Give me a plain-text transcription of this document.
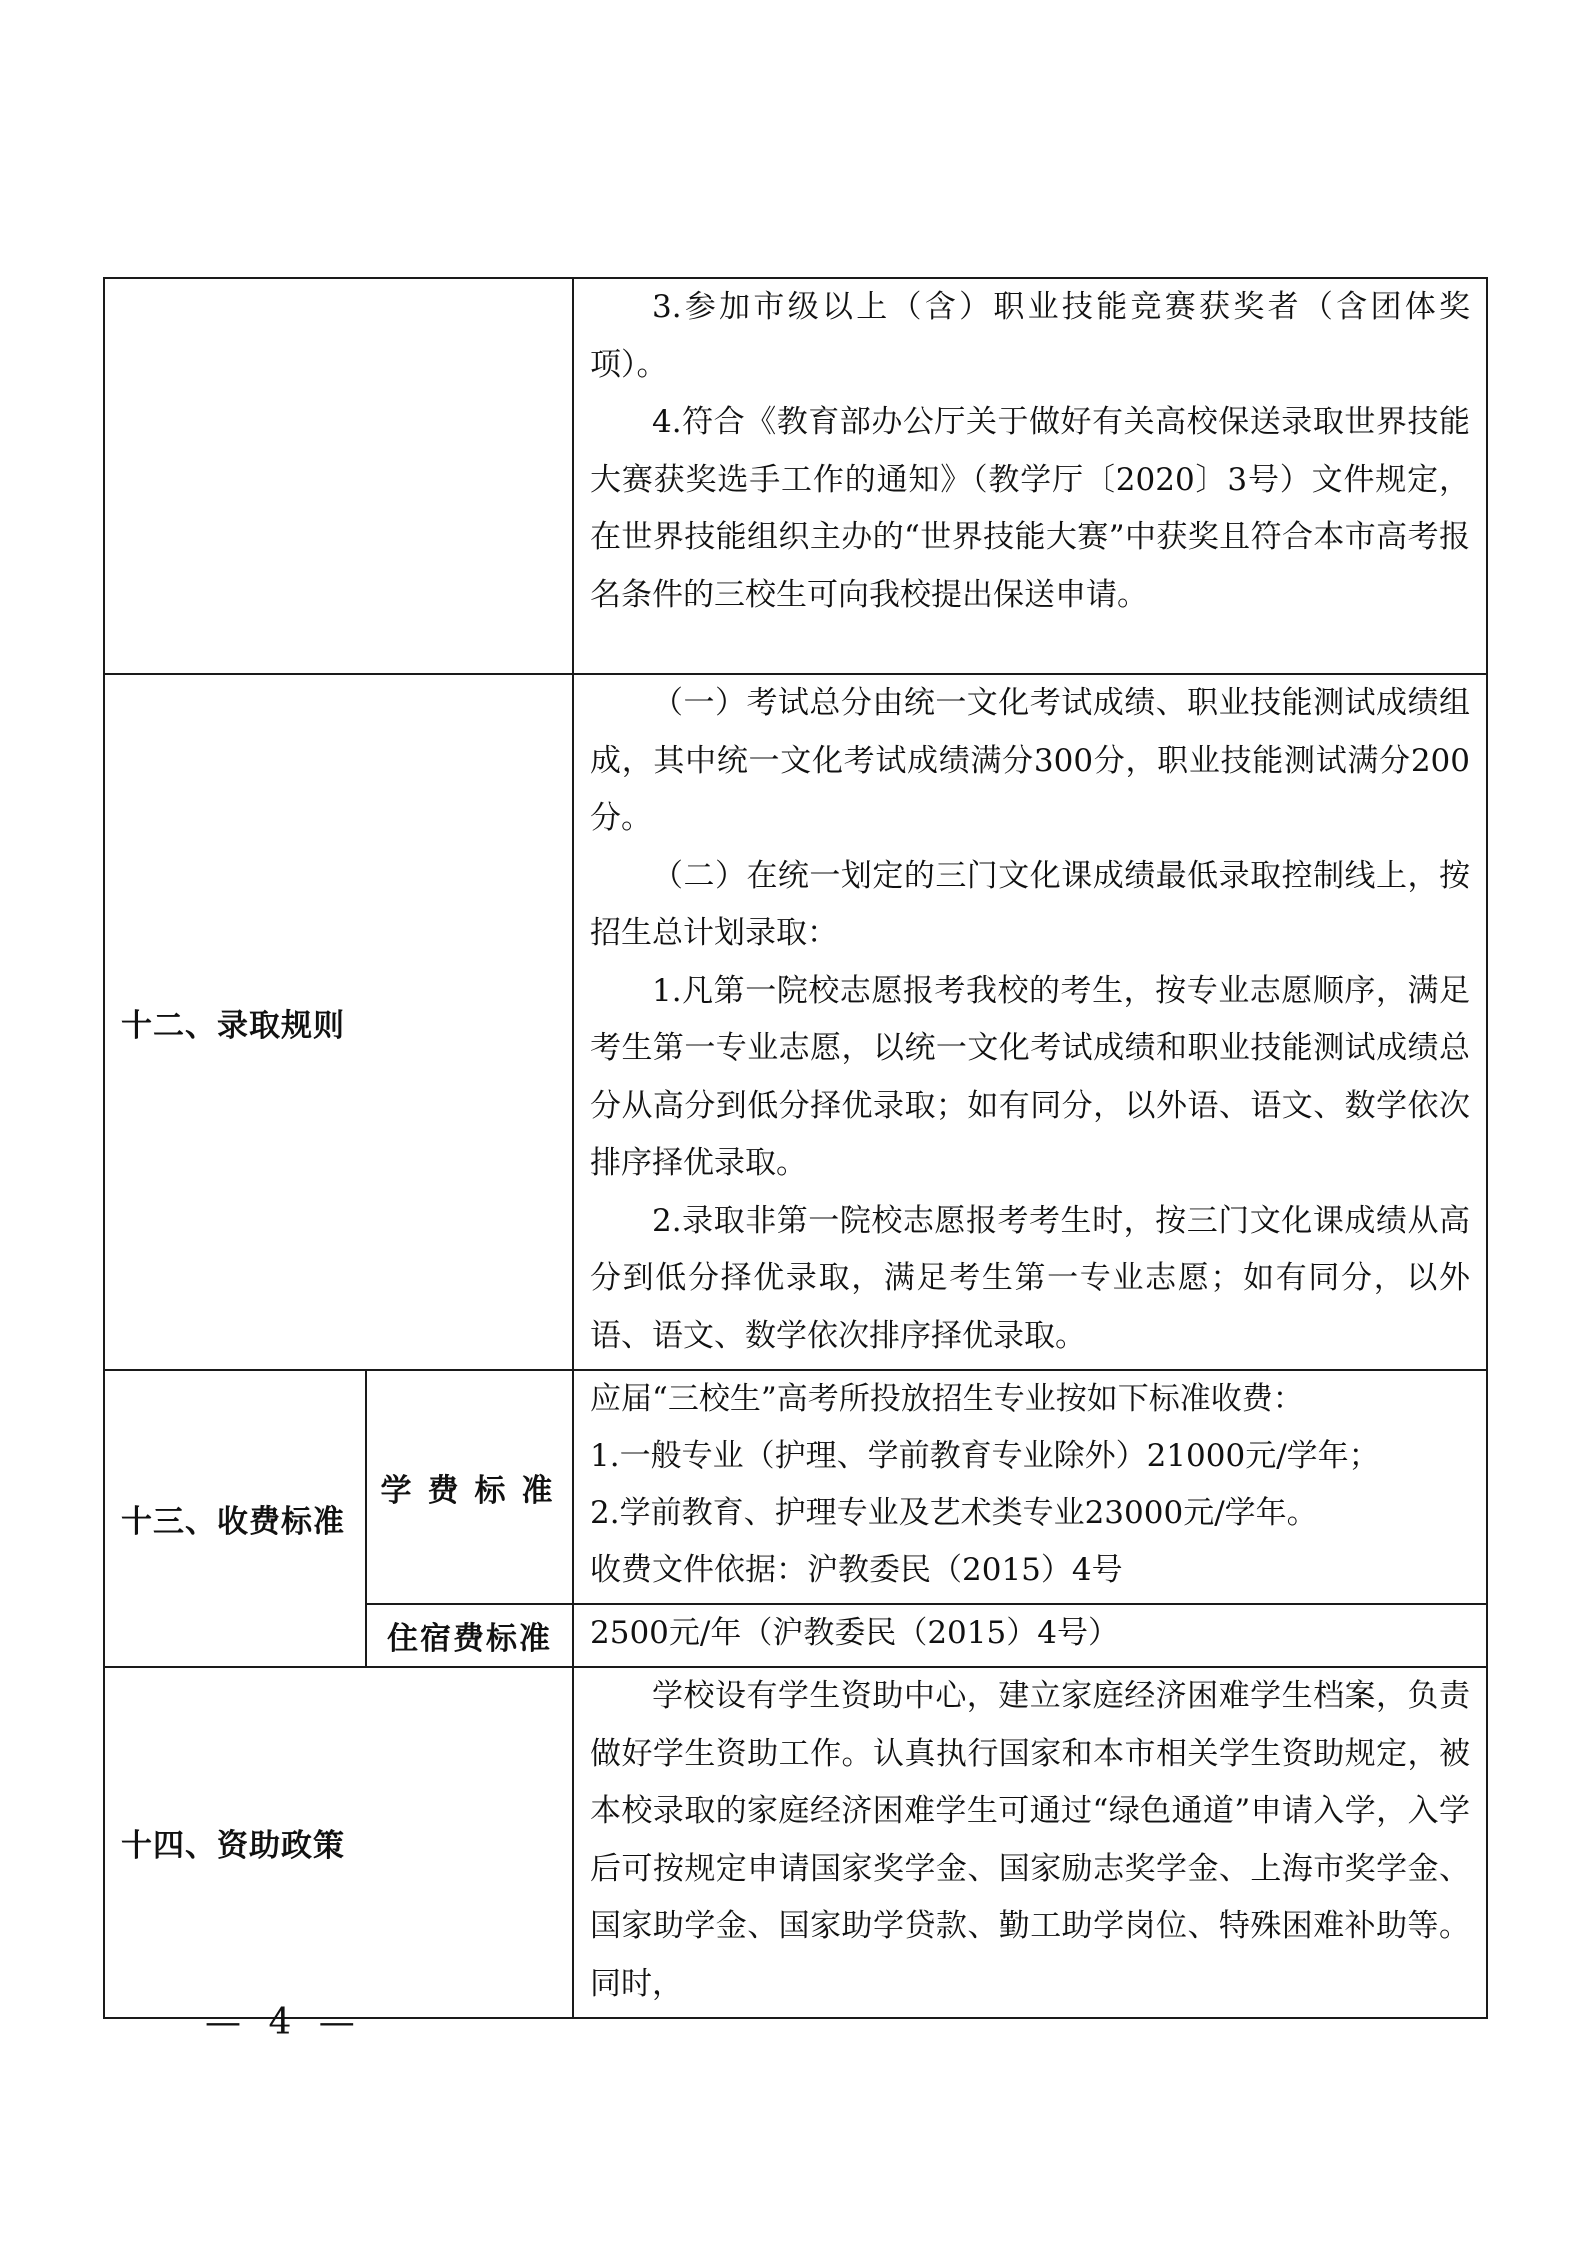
		3.参加市级以上（含）职业技能竞赛获奖者（含团体奖项）。

4.符合《教育部办公厅关于做好有关高校保送录取世界技能大赛获奖选手工作的通知》（教学厅〔2020〕3号）文件规定，在世界技能组织主办的“世界技能大赛”中获奖且符合本市高考报名条件的三校生可向我校提出保送申请。

十二、录取规则		（一）考试总分由统一文化考试成绩、职业技能测试成绩组成，其中统一文化考试成绩满分300分，职业技能测试满分200分。

（二）在统一划定的三门文化课成绩最低录取控制线上，按招生总计划录取：

1.凡第一院校志愿报考我校的考生，按专业志愿顺序，满足考生第一专业志愿，以统一文化考试成绩和职业技能测试成绩总分从高分到低分择优录取；如有同分，以外语、语文、数学依次排序择优录取。

2.录取非第一院校志愿报考考生时，按三门文化课成绩从高分到低分择优录取，满足考生第一专业志愿；如有同分，以外语、语文、数学依次排序择优录取。

十三、收费标准	学费标准	应届“三校生”高考所投放招生专业按如下标准收费：

1.一般专业（护理、学前教育专业除外）21000元/学年；

2.学前教育、护理专业及艺术类专业23000元/学年。

收费文件依据：沪教委民（2015）4号

	住宿费标准	2500元/年（沪教委民（2015）4号）

十四、资助政策		学校设有学生资助中心，建立家庭经济困难学生档案，负责做好学生资助工作。认真执行国家和本市相关学生资助规定，被本校录取的家庭经济困难学生可通过“绿色通道”申请入学，入学后可按规定申请国家奖学金、国家励志奖学金、上海市奖学金、国家助学金、国家助学贷款、勤工助学岗位、特殊困难补助等。同时，

— 4 —
